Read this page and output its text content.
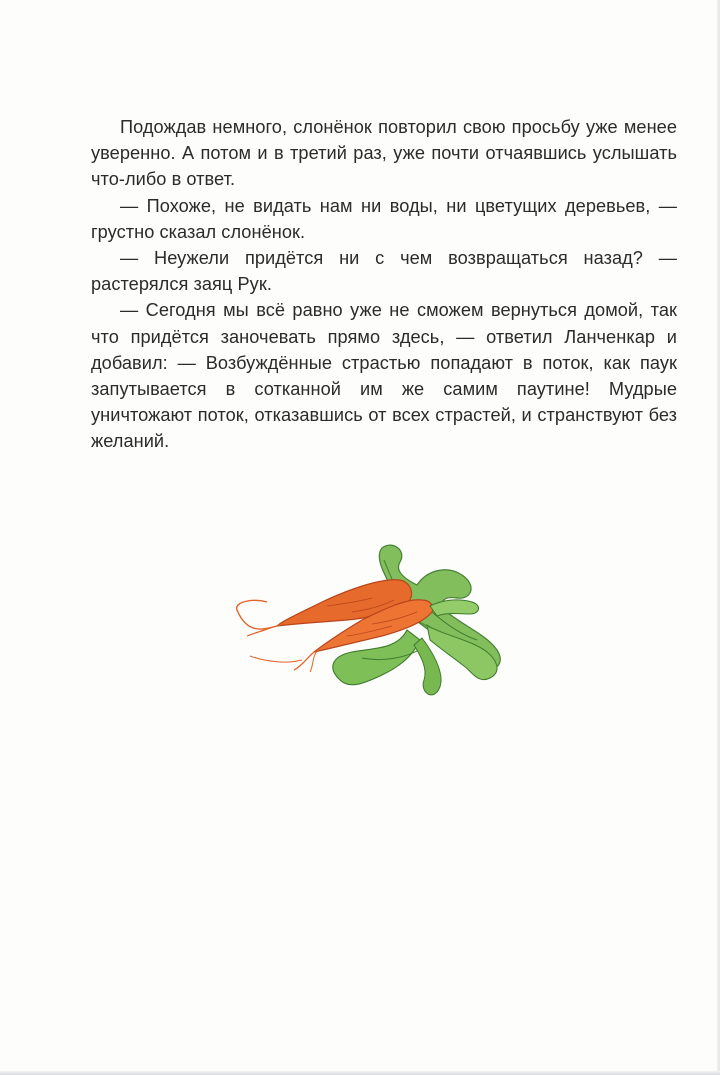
Подождав немного, слонёнок повторил свою просьбу уже менее уверенно. А потом и в третий раз, уже почти отчаявшись услышать что-либо в ответ.

— Похоже, не видать нам ни воды, ни цветущих деревьев, — грустно сказал слонёнок.

— Неужели придётся ни с чем возвращаться назад? — растерялся заяц Рук.

— Сегодня мы всё равно уже не сможем вернуться домой, так что придётся заночевать прямо здесь, — ответил Ланченкар и добавил: — Возбуждённые страстью попадают в поток, как паук запутывается в сотканной им же самим паутине! Мудрые уничтожают поток, отказавшись от всех страстей, и странствуют без желаний.
